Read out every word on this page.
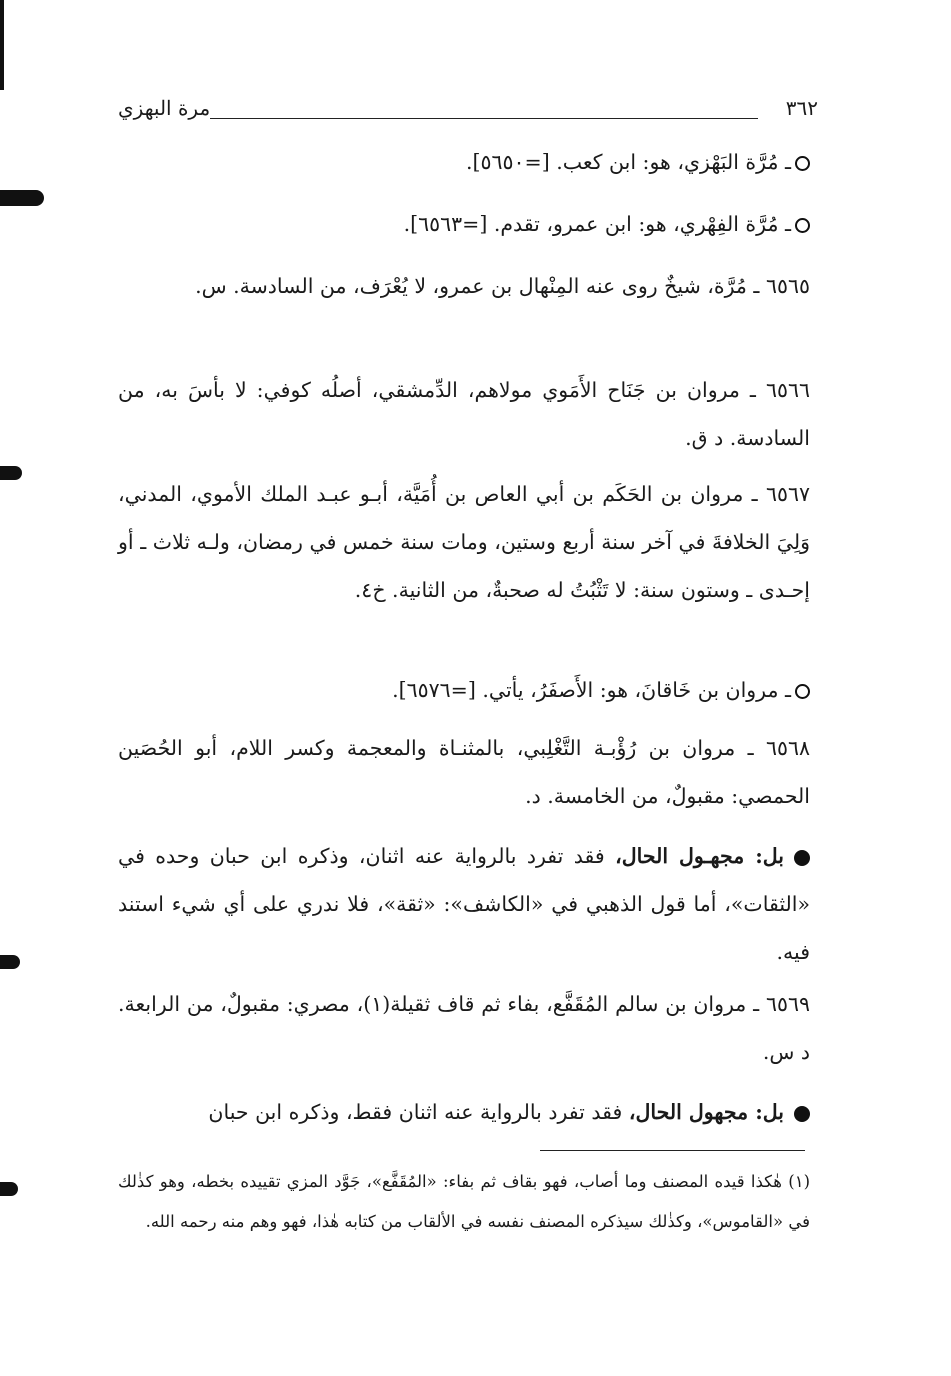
٣٦٢
مرة البهزي

ـ مُرَّة البَهْزي، هو: ابن كعب. [=٥٦٥٠].

ـ مُرَّة الفِهْري، هو: ابن عمرو، تقدم. [=٦٥٦٣].

٦٥٦٥ ـ مُرَّة، شيخٌ روى عنه المِنْهال بن عمرو، لا يُعْرَف، من السادسة. س.

٦٥٦٦ ـ مروان بن جَنَاح الأَمَوي مولاهم، الدِّمشقي، أصلُه كوفي: لا بأسَ به، من السادسة. د ق.

٦٥٦٧ ـ مروان بن الحَكَم بن أبي العاص بن أُمَيَّة، أبـو عبـد الملك الأموي، المدني، وَلِيَ الخلافةَ في آخر سنة أربع وستين، ومات سنة خمس في رمضان، ولـه ثلاث ـ أو إحـدى ـ وستون سنة: لا تَثْبُتُ له صحبةٌ، من الثانية. خ٤.

ـ مروان بن خَاقانَ، هو: الأَصفَرُ، يأتي. [=٦٥٧٦].

٦٥٦٨ ـ مروان بن رُؤْبـة التَّغْلِبي، بالمثنـاة والمعجمة وكسر اللام، أبو الحُصَين الحمصي: مقبولٌ، من الخامسة. د.

بل: مجهـول الحال، فقد تفرد بالرواية عنه اثنان، وذكره ابن حبان وحده في «الثقات»، أما قول الذهبي في «الكاشف»: «ثقة»، فلا ندري على أي شيء استند فيه.

٦٥٦٩ ـ مروان بن سالم المُقَفَّع، بفاء ثم قاف ثقيلة(١)، مصري: مقبولٌ، من الرابعة. د س.

بل: مجهول الحال، فقد تفرد بالرواية عنه اثنان فقط، وذكره ابن حبان

(١) هٰكذا قيده المصنف وما أصاب، فهو بقاف ثم بفاء: «المُقَفَّع»، جَوَّد المزي تقييده بخطه، وهو كذٰلك في «القاموس»، وكذٰلك سيذكره المصنف نفسه في الألقاب من كتابه هٰذا، فهو وهم منه رحمه الله.
